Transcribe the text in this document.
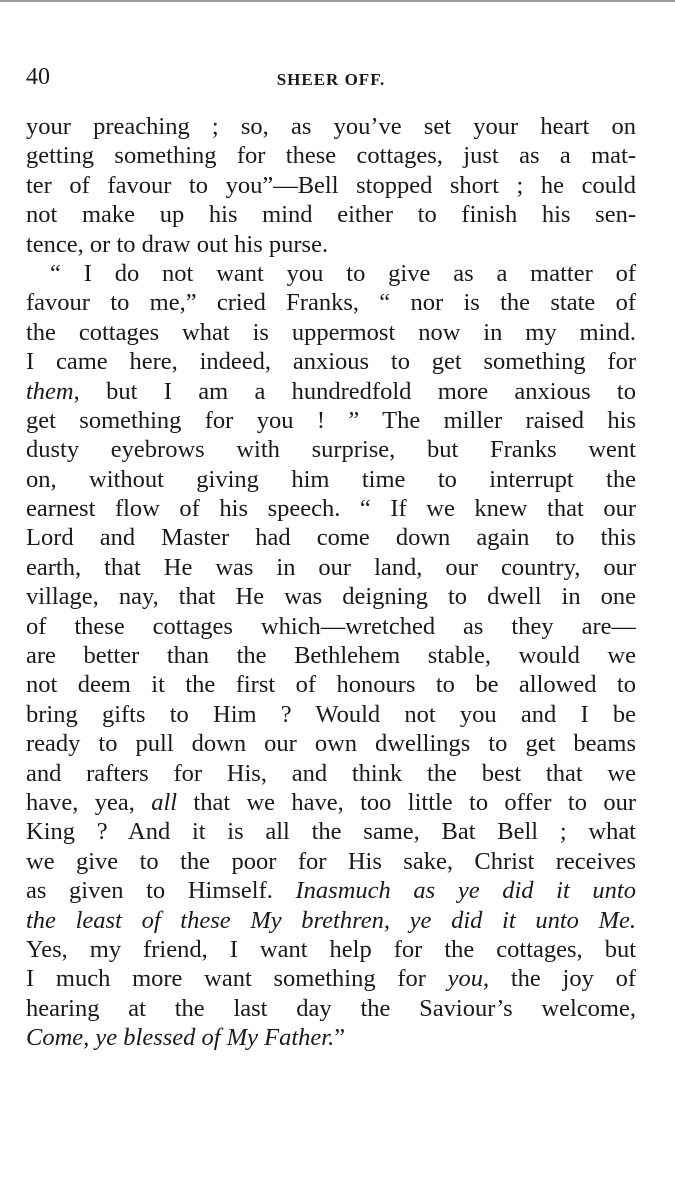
40	SHEER OFF.
your preaching ; so, as you’ve set your heart on
getting something for these cottages, just as a mat-
ter of favour to you”—Bell stopped short ; he could
not make up his mind either to finish his sen-
tence, or to draw out his purse.
“ I do not want you to give as a matter of
favour to me,” cried Franks, “ nor is the state of
the cottages what is uppermost now in my mind.
I came here, indeed, anxious to get something for
them, but I am a hundredfold more anxious to
get something for you ! ” The miller raised his
dusty eyebrows with surprise, but Franks went
on, without giving him time to interrupt the
earnest flow of his speech. “ If we knew that our
Lord and Master had come down again to this
earth, that He was in our land, our country, our
village, nay, that He was deigning to dwell in one
of these cottages which—wretched as they are—
are better than the Bethlehem stable, would we
not deem it the first of honours to be allowed to
bring gifts to Him ? Would not you and I be
ready to pull down our own dwellings to get beams
and rafters for His, and think the best that we
have, yea, all that we have, too little to offer to our
King ? And it is all the same, Bat Bell ; what
we give to the poor for His sake, Christ receives
as given to Himself. Inasmuch as ye did it unto
the least of these My brethren, ye did it unto Me.
Yes, my friend, I want help for the cottages, but
I much more want something for you, the joy of
hearing at the last day the Saviour’s welcome,
Come, ye blessed of My Father.”
